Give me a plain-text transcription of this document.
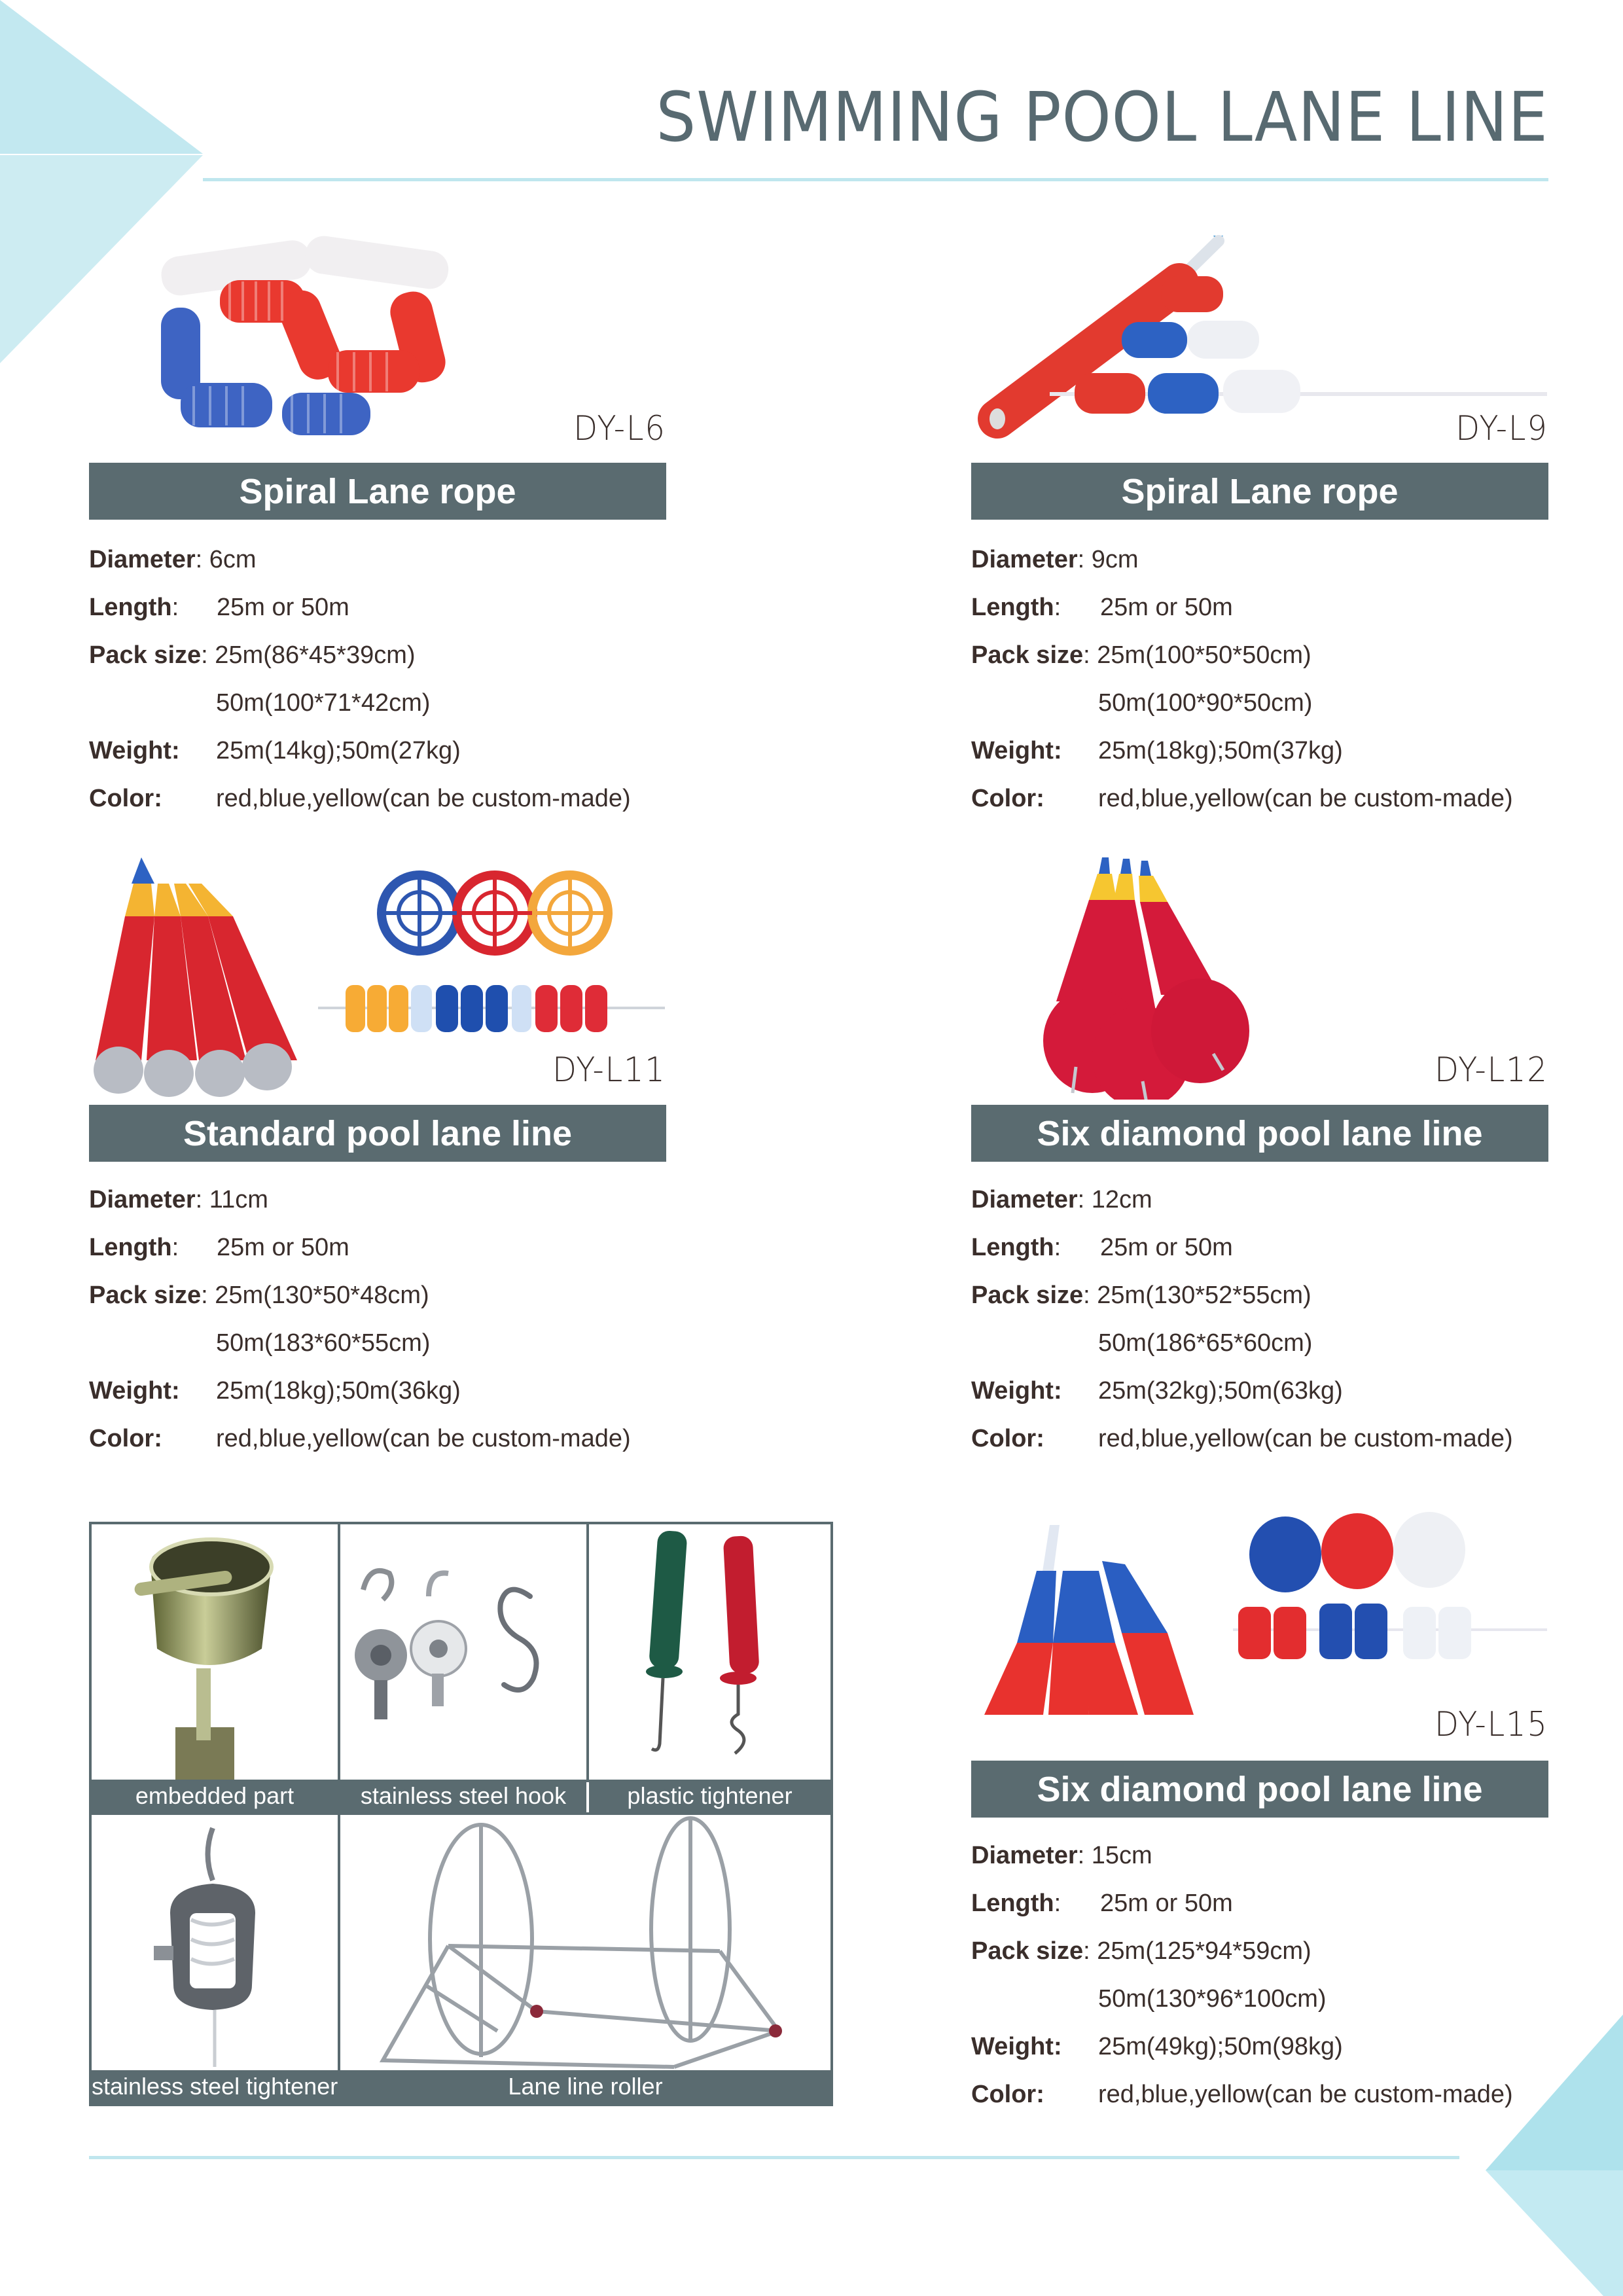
SWIMMING POOL LANE LINE
DY-L6
Spiral Lane rope
Diameter: 6cm
Length: 25m or 50m
Pack size: 25m(86*45*39cm)
50m(100*71*42cm)
Weight: 25m(14kg);50m(27kg)
Color: red,blue,yellow(can be custom-made)
DY-L9
Spiral Lane rope
Diameter: 9cm
Length: 25m or 50m
Pack size: 25m(100*50*50cm)
50m(100*90*50cm)
Weight: 25m(18kg);50m(37kg)
Color: red,blue,yellow(can be custom-made)
DY-L11
Standard pool lane line
Diameter: 11cm
Length: 25m or 50m
Pack size: 25m(130*50*48cm)
50m(183*60*55cm)
Weight: 25m(18kg);50m(36kg)
Color: red,blue,yellow(can be custom-made)
DY-L12
Six diamond pool lane line
Diameter: 12cm
Length: 25m or 50m
Pack size: 25m(130*52*55cm)
50m(186*65*60cm)
Weight: 25m(32kg);50m(63kg)
Color: red,blue,yellow(can be custom-made)
DY-L15
Six diamond pool lane line
Diameter: 15cm
Length: 25m or 50m
Pack size: 25m(125*94*59cm)
50m(130*96*100cm)
Weight: 25m(49kg);50m(98kg)
Color: red,blue,yellow(can be custom-made)
embedded part	stainless steel hook	plastic tightener
stainless steel tightener	Lane line roller
